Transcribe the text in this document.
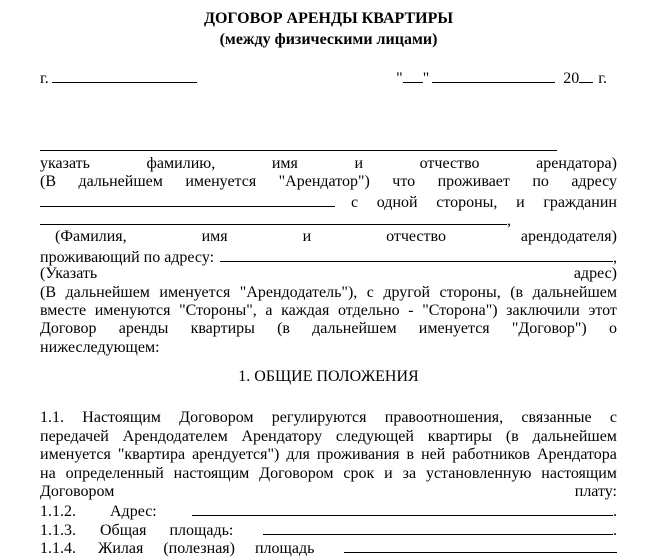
ДОГОВОР АРЕНДЫ КВАРТИРЫ
(между физическими лицами)
г.	" "	20 г.
указать	фамилию,	имя	и	отчество	арендатора)
(В дальнейшем именуется "Арендатор") что проживает по адресу
с одной стороны, и гражданин
,
(Фамилия,	имя	и	отчество	арендодателя)
проживающий по адресу:	,
(Указать	адрес)
(В дальнейшем именуется "Арендодатель"), с другой стороны, (в дальнейшем
вместе именуются "Стороны", а каждая отдельно - "Сторона") заключили этот
Договор аренды квартиры (в дальнейшем именуется "Договор") о
нижеследующем:
1. ОБЩИЕ ПОЛОЖЕНИЯ
1.1. Настоящим Договором регулируются правоотношения, связанные с
передачей Арендодателем Арендатору следующей квартиры (в дальнейшем
именуется "квартира арендуется") для проживания в ней работников Арендатора
на определенный настоящим Договором срок и за установленную настоящим
Договором	плату:
1.1.2. Адрес:	.
1.1.3. Общая площадь:	.
1.1.4. Жилая (полезная) площадь
